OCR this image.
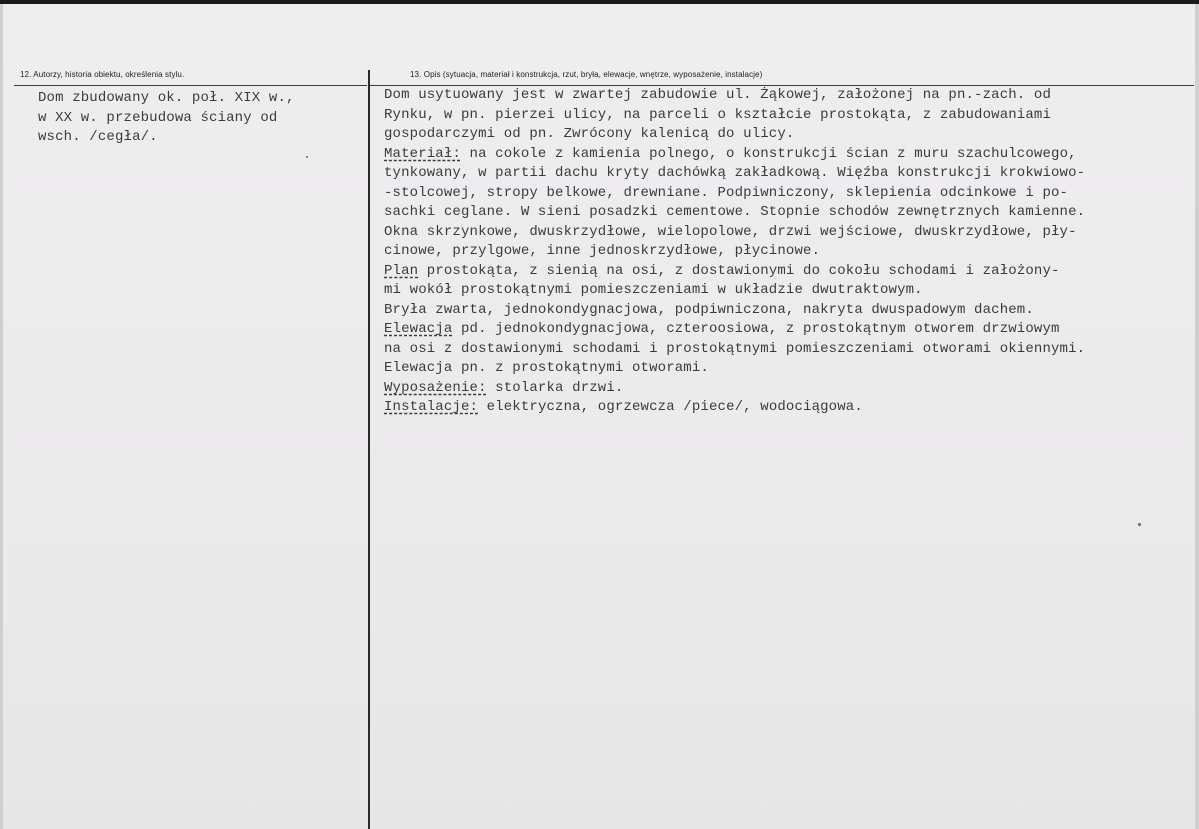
12. Autorzy, historia obiektu, określenia stylu.	13. Opis (sytuacja, materiał i konstrukcja, rzut, bryła, elewacje, wnętrze, wyposażenie, instalacje)
Dom zbudowany ok. poł. XIX w.,
w XX w. przebudowa ściany od
wsch. /cegła/.
Dom usytuowany jest w zwartej zabudowie ul. Żąkowej, założonej na pn.-zach. od
Rynku, w pn. pierzei ulicy, na parceli o kształcie prostokąta, z zabudowaniami
gospodarczymi od pn. Zwrócony kalenicą do ulicy.
Materiał: na cokole z kamienia polnego, o konstrukcji ścian z muru szachulcowego,
tynkowany, w partii dachu kryty dachówką zakładkową. Więźba konstrukcji krokwiowo-
-stolcowej, stropy belkowe, drewniane. Podpiwniczony, sklepienia odcinkowe i po-
sachki ceglane. W sieni posadzki cementowe. Stopnie schodów zewnętrznych kamienne.
Okna skrzynkowe, dwuskrzydłowe, wielopolowe, drzwi wejściowe, dwuskrzydłowe, pły-
cinowe, przylgowe, inne jednoskrzydłowe, płycinowe.
Plan prostokąta, z sienią na osi, z dostawionymi do cokołu schodami i założony-
mi wokół prostokątnymi pomieszczeniami w układzie dwutraktowym.
Bryła zwarta, jednokondygnacjowa, podpiwniczona, nakryta dwuspadowym dachem.
Elewacja pd. jednokondygnacjowa, czteroosiowa, z prostokątnym otworem drzwiowym
na osi z dostawionymi schodami i prostokątnymi pomieszczeniami otworami okiennymi.
Elewacja pn. z prostokątnymi otworami.
Wyposażenie: stolarka drzwi.
Instalacje: elektryczna, ogrzewcza /piece/, wodociągowa.
